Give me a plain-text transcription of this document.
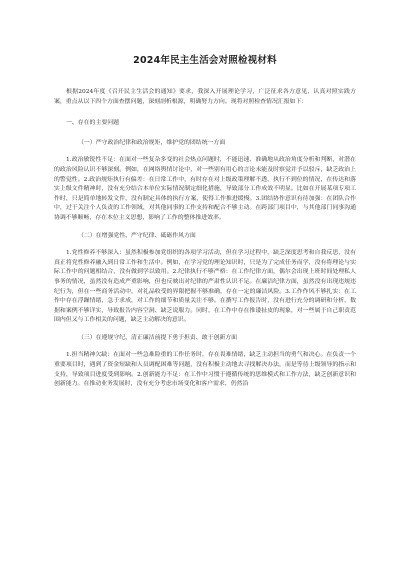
2024年民主生活会对照检视材料

根据2024年度《召开民主生活会的通知》要求，我深入开展理论学习，广泛征求各方意见，认真对照实践方案，重点从以下四个方面查摆问题，深刻剖析根源，明确努力方向。现将对照检查情况汇报如下：

一、存在的主要问题

（一）严守政治纪律和政治规矩，维护党的团结统一方面

1.政治敏锐性不足：在面对一些复杂多变的社会热点问题时，不能迅速、准确地从政治角度分析和判断，对潜在的政治风险认识不够深刻。例如，在网络舆情讨论中，对一些别有用心的言论未能及时察觉并予以驳斥，缺乏政治上的警觉性。2.政治规矩执行有偏差：在日常工作中，有时存在对上级政策理解不透，执行不到位的情况，在传达和落实上级文件精神时，没有充分结合本单位实际情况制定细化措施，导致部分工作成效不明显。比如在开展某项专项工作时，只是简单地转发文件，没有制定具体的执行方案，使得工作推进缓慢。3.团结协作意识有待加强：在团队合作中，过于关注个人负责的工作领域，对其他同事的工作支持和配合不够主动。在跨部门项目中，与其他部门同事沟通协调不够顺畅，存在本位主义思想，影响了工作的整体推进效率。

（二）在增强党性、严守纪律、砥砺作风方面

1.党性修养不够深入：虽然积极参加党组织的各项学习活动，但在学习过程中，缺乏深度思考和自我反思，没有真正将党性修养融入到日常工作和生活中。例如，在学习党的理论知识时，只是为了完成任务而学，没有将理论与实际工作中的问题相结合，没有做到学以致用。2.纪律执行不够严格：在工作纪律方面，偶尔会出现上班时间处理私人事务的情况，虽然没有造成严重影响，但也反映出对纪律的严肃性认识不足。在廉洁纪律方面，虽然没有出现违规违纪行为，但在一些商务活动中，对礼品收受的界限把握不够准确，存在一定的廉洁风险。3.工作作风不够扎实：在工作中存在浮躁情绪，急于求成，对工作的细节和质量关注不够。在撰写工作报告时，没有进行充分的调研和分析，数据和案例不够详实，导致报告内容空洞、缺乏说服力。同时，在工作中存在推诿扯皮的现象，对一些属于自己职责范围内但又与工作相关的问题，缺乏主动解决的意识。

（三）在遵规守纪、清正廉洁前提下勇于担责、敢于创新方面

1.担当精神欠缺：在面对一些急难险重的工作任务时，存在畏难情绪，缺乏主动担当的勇气和决心。在负责一个重要项目时，遇到了资金短缺和人员调配困难等问题，没有积极主动地去寻找解决办法，而是等待上级领导的指示和支持，导致项目进度受到影响。2.创新能力不足：在工作中习惯于遵循传统的思维模式和工作方法，缺乏创新意识和创新能力。在推动业务发展时，没有充分考虑市场变化和客户需求，仍然沿
